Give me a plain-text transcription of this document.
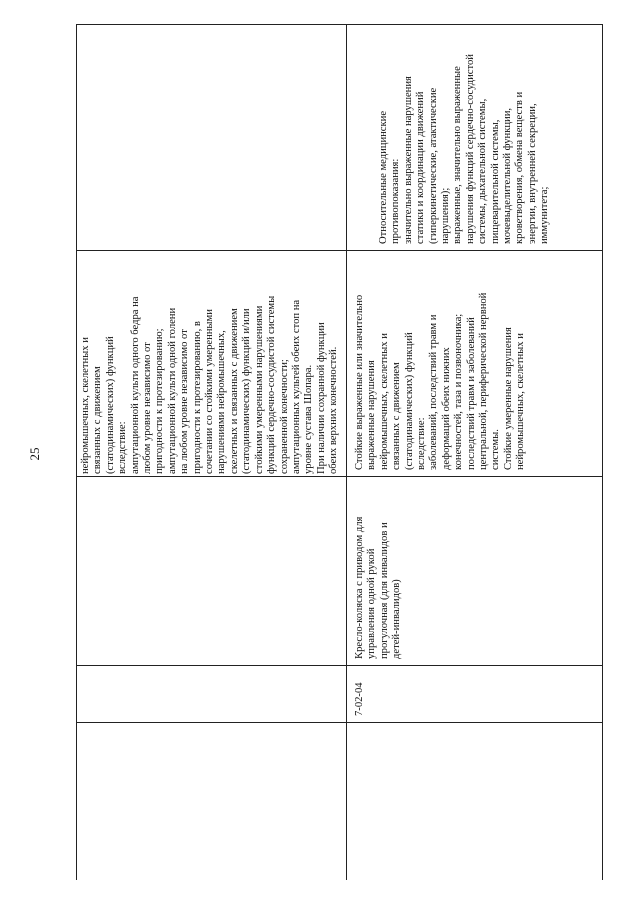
25	нейромышечных, скелетных и связанных с движением (статодинамических) функций вследствие: ампутационной культи одного бедра на любом уровне независимо от пригодности к протезированию; ампутационной культи одной голени на любом уровне независимо от пригодности к протезированию, в сочетании со стойкими умеренными нарушениями нейромышечных, скелетных и связанных с движением (статодинамических) функций и/или стойкими умеренными нарушениями функций сердечно-сосудистой системы сохраненной конечности; ампутационных культей обеих стоп на уровне сустава Шопара. При наличии сохранной функции обеих верхних конечностей.
7-02-04
Кресло-коляска с приводом для управления одной рукой прогулочная (для инвалидов и детей-инвалидов)
Стойкие выраженные или значительно выраженные нарушения нейромышечных, скелетных и связанных с движением (статодинамических) функций вследствие: заболеваний, последствий травм и деформаций обеих нижних конечностей, таза и позвоночника; последствий травм и заболеваний центральной, периферической нервной системы. Стойкие умеренные нарушения нейромышечных, скелетных и
Относительные медицинские противопоказания: значительно выраженные нарушения статики и координации движений (гиперкинетические, атактические нарушения); выраженные, значительно выраженные нарушения функций сердечно-сосудистой системы, дыхательной системы, пищеварительной системы, мочевыделительной функции, кроветворения, обмена веществ и энергии, внутренней секреции, иммунитета;
